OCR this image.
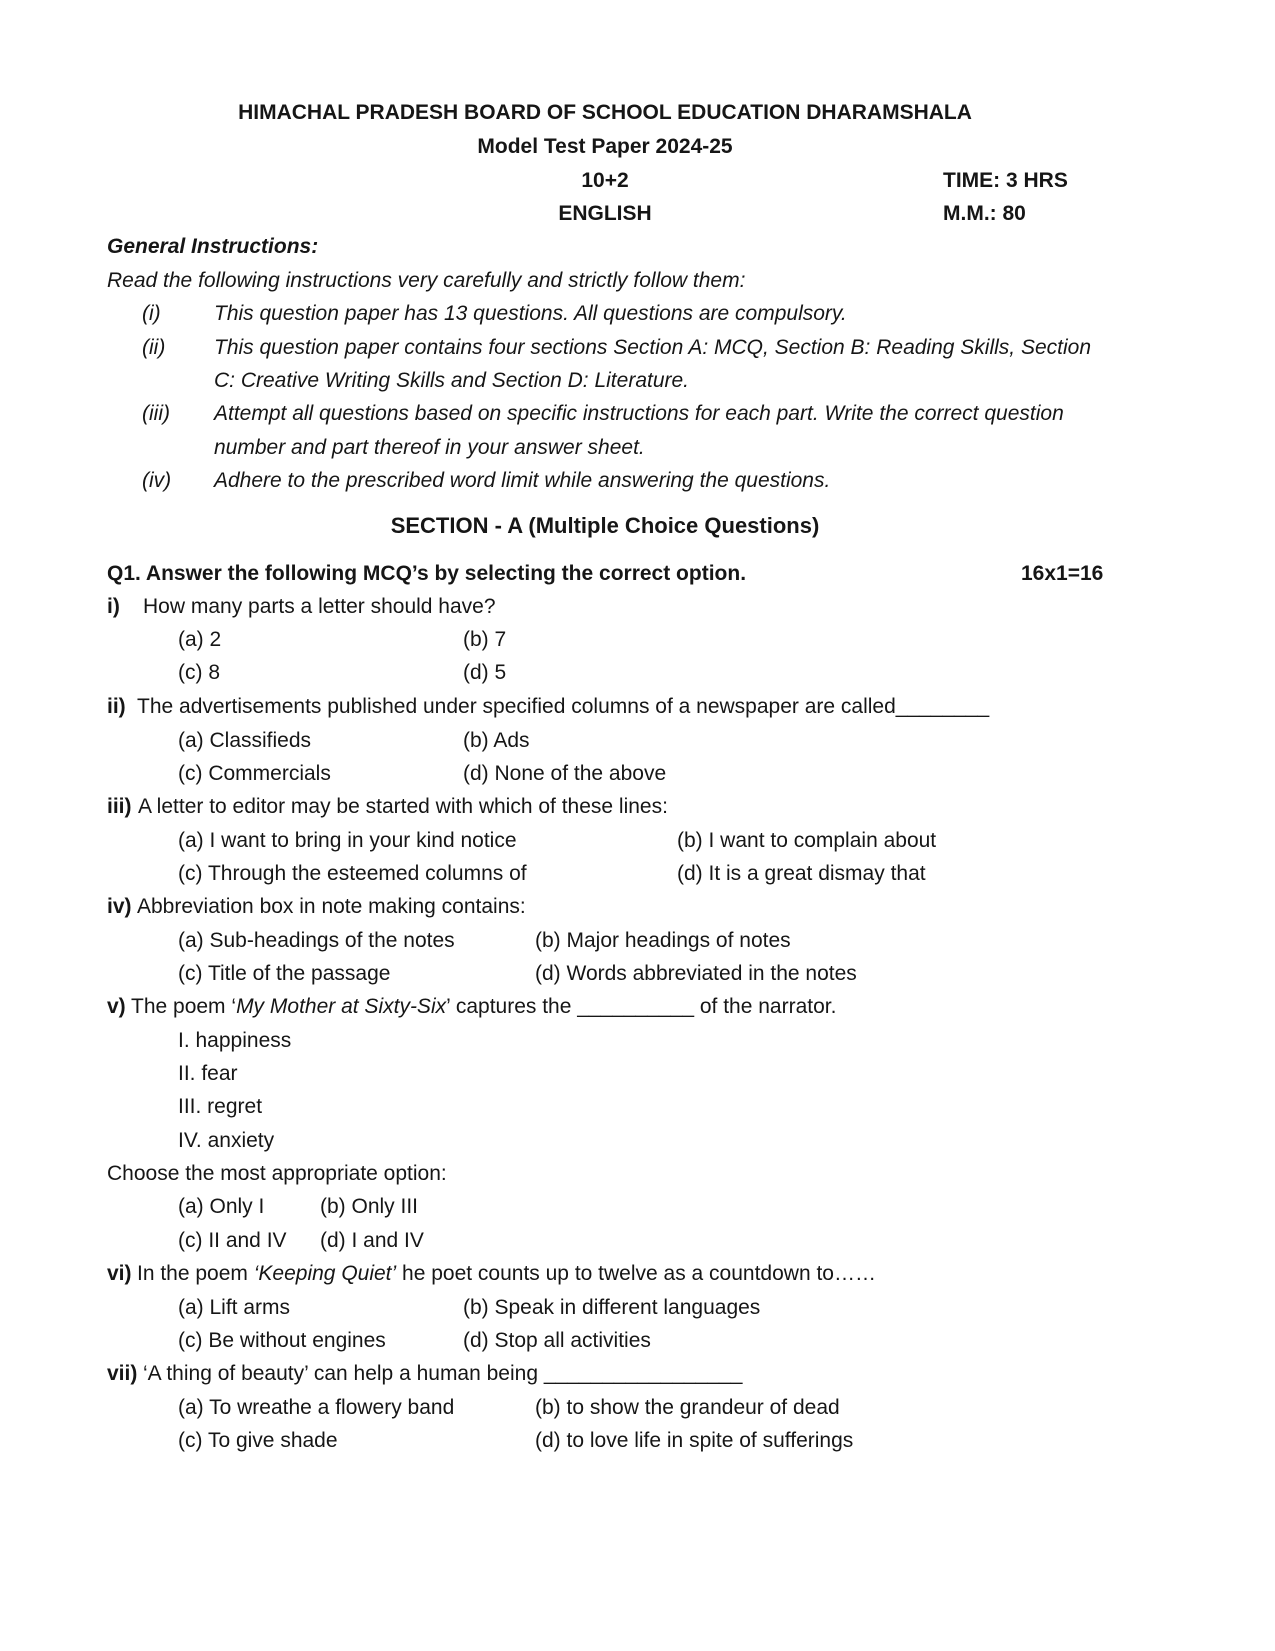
HIMACHAL PRADESH BOARD OF SCHOOL EDUCATION DHARAMSHALA
Model Test Paper 2024-25
10+2	TIME: 3 HRS
ENGLISH	M.M.: 80
General Instructions:
Read the following instructions very carefully and strictly follow them:
(i)	This question paper has 13 questions. All questions are compulsory.
(ii) This question paper contains four sections Section A: MCQ, Section B: Reading Skills, Section
C: Creative Writing Skills and Section D: Literature.
(iii) Attempt all questions based on specific instructions for each part. Write the correct question
number and part thereof in your answer sheet.
(iv) Adhere to the prescribed word limit while answering the questions.
SECTION - A (Multiple Choice Questions)
Q1. Answer the following MCQ’s by selecting the correct option.	16x1=16
i) How many parts a letter should have?
(a) 2	(b) 7
(c) 8	(d) 5
ii) The advertisements published under specified columns of a newspaper are called________
(a) Classifieds	(b) Ads
(c) Commercials	(d) None of the above
iii) A letter to editor may be started with which of these lines:
(a) I want to bring in your kind notice	(b) I want to complain about
(c) Through the esteemed columns of	(d) It is a great dismay that
iv) Abbreviation box in note making contains:
(a) Sub-headings of the notes	(b) Major headings of notes
(c) Title of the passage	(d) Words abbreviated in the notes
v) The poem ‘My Mother at Sixty-Six’ captures the __________ of the narrator.
I. happiness
II. fear
III. regret
IV. anxiety
Choose the most appropriate option:
(a) Only I	(b) Only III
(c) II and IV (d) I and IV
vi) In the poem ‘Keeping Quiet’ he poet counts up to twelve as a countdown to……
(a) Lift arms	(b) Speak in different languages
(c) Be without engines	(d) Stop all activities
vii) ‘A thing of beauty’ can help a human being _________________
(a) To wreathe a flowery band	(b) to show the grandeur of dead
(c) To give shade	(d) to love life in spite of sufferings
